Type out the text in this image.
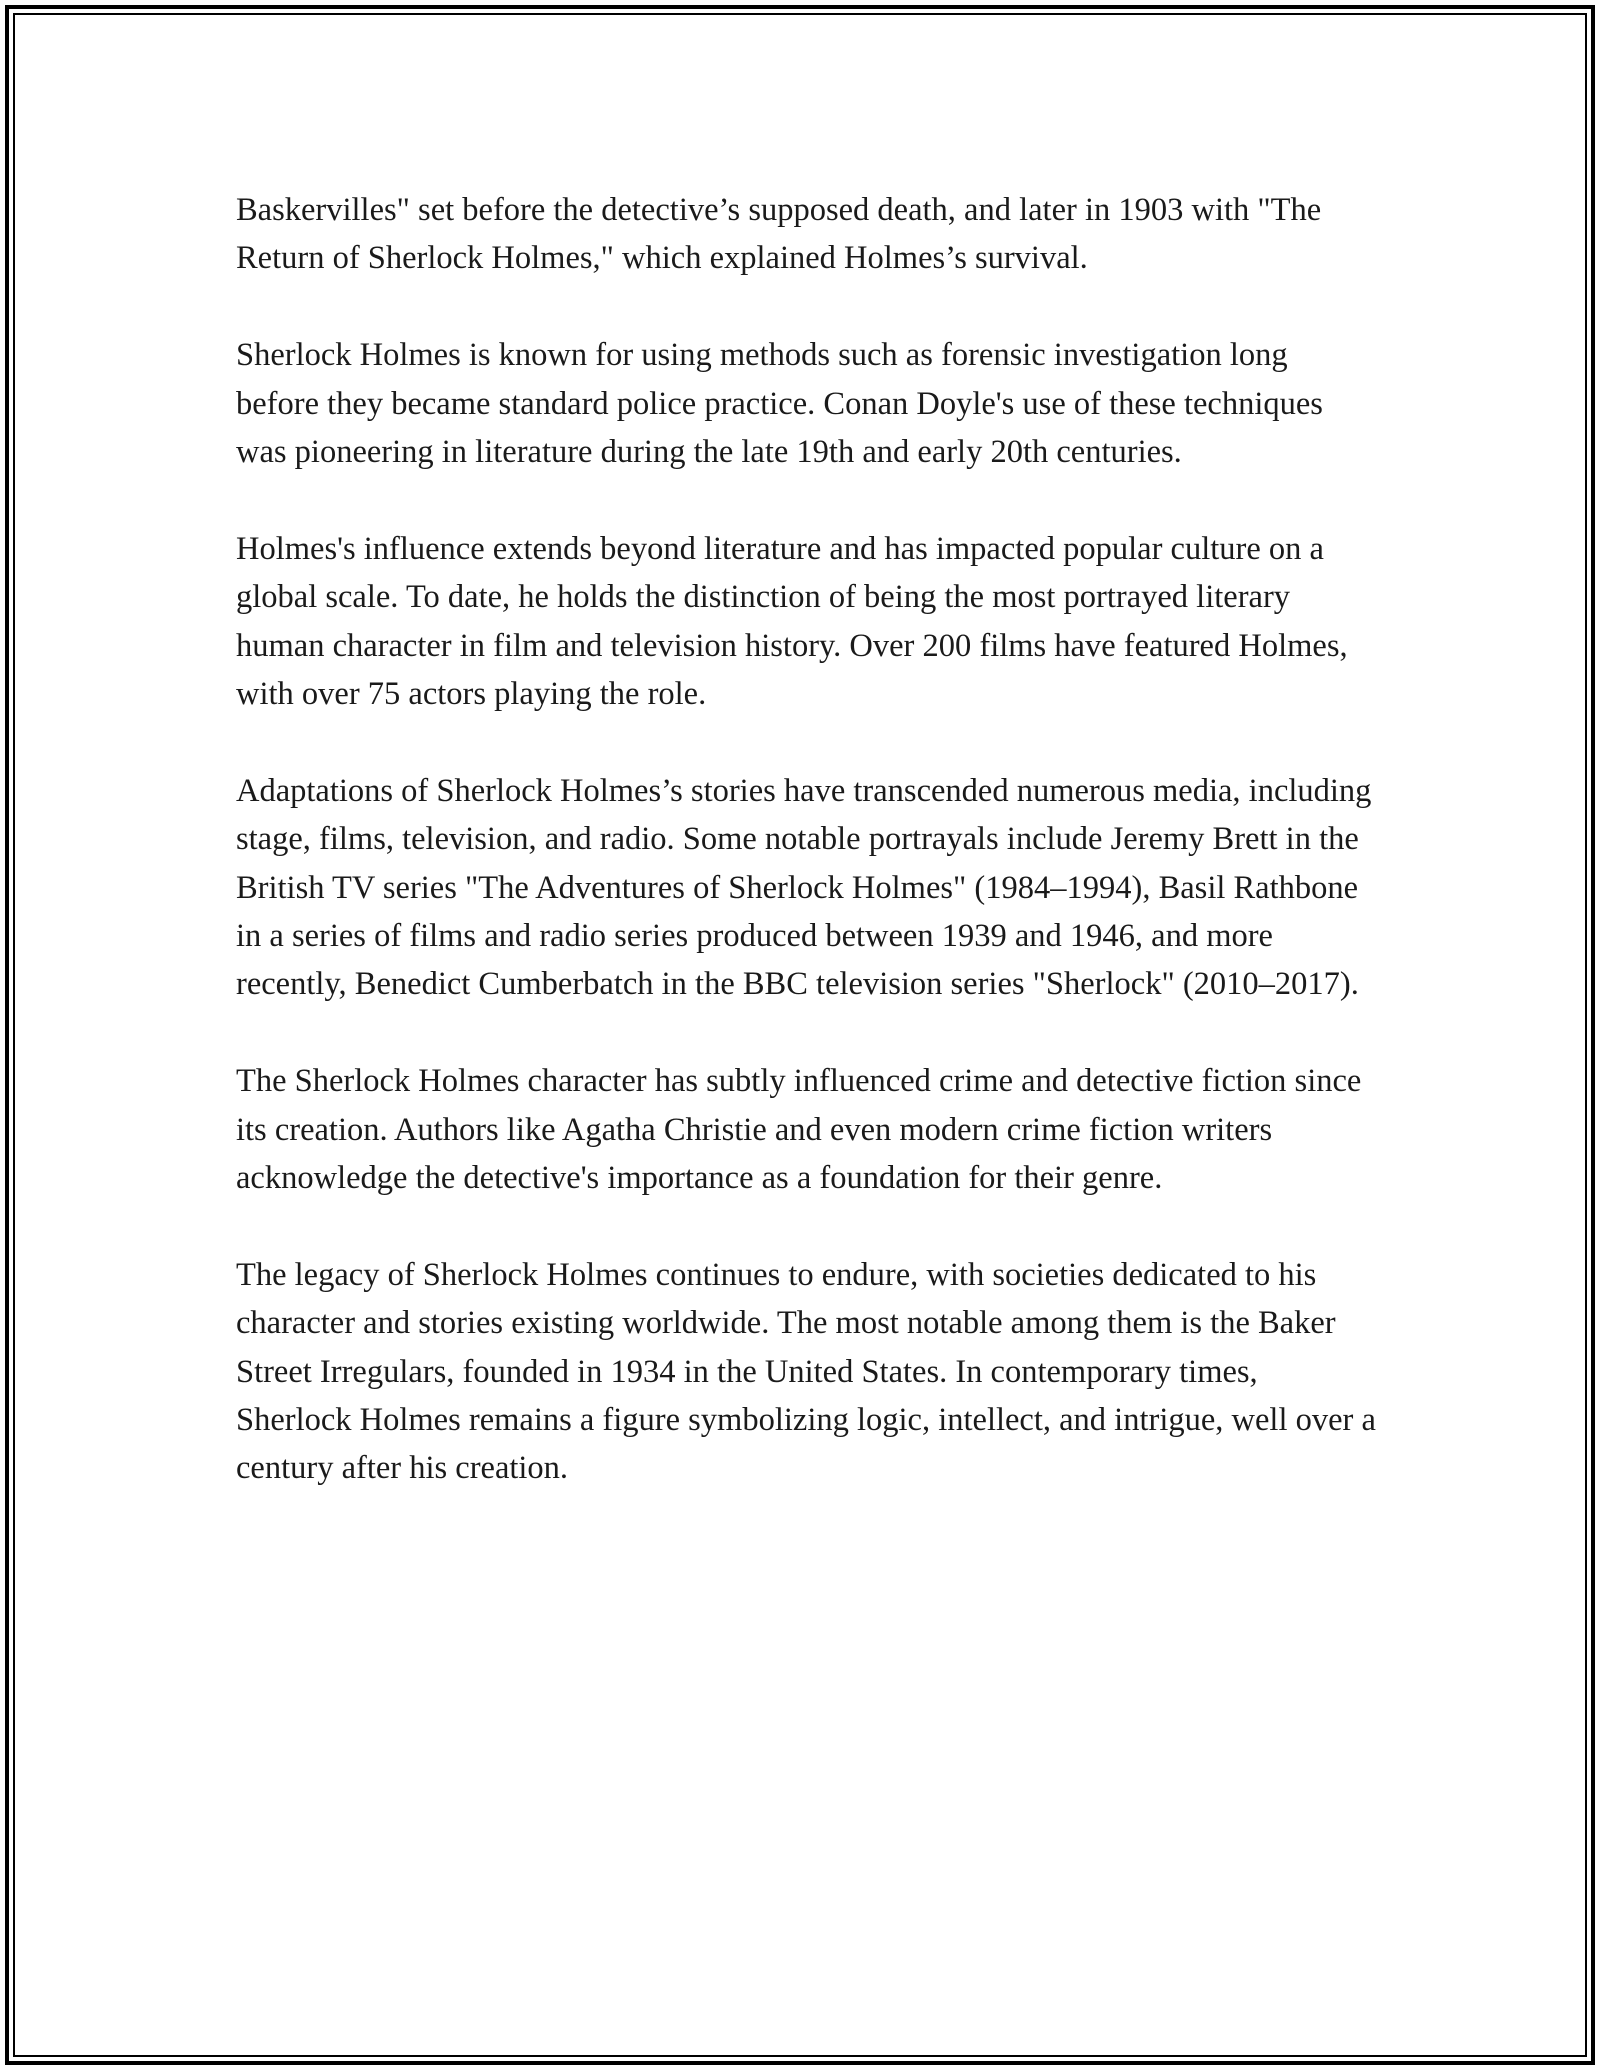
Baskervilles" set before the detective’s supposed death, and later in 1903 with "The Return of Sherlock Holmes," which explained Holmes’s survival.

Sherlock Holmes is known for using methods such as forensic investigation long before they became standard police practice. Conan Doyle's use of these techniques was pioneering in literature during the late 19th and early 20th centuries.

Holmes's influence extends beyond literature and has impacted popular culture on a global scale. To date, he holds the distinction of being the most portrayed literary human character in film and television history. Over 200 films have featured Holmes, with over 75 actors playing the role.

Adaptations of Sherlock Holmes’s stories have transcended numerous media, including stage, films, television, and radio. Some notable portrayals include Jeremy Brett in the British TV series "The Adventures of Sherlock Holmes" (1984–1994), Basil Rathbone in a series of films and radio series produced between 1939 and 1946, and more recently, Benedict Cumberbatch in the BBC television series "Sherlock" (2010–2017).

The Sherlock Holmes character has subtly influenced crime and detective fiction since its creation. Authors like Agatha Christie and even modern crime fiction writers acknowledge the detective's importance as a foundation for their genre.

The legacy of Sherlock Holmes continues to endure, with societies dedicated to his character and stories existing worldwide. The most notable among them is the Baker Street Irregulars, founded in 1934 in the United States. In contemporary times, Sherlock Holmes remains a figure symbolizing logic, intellect, and intrigue, well over a century after his creation.
